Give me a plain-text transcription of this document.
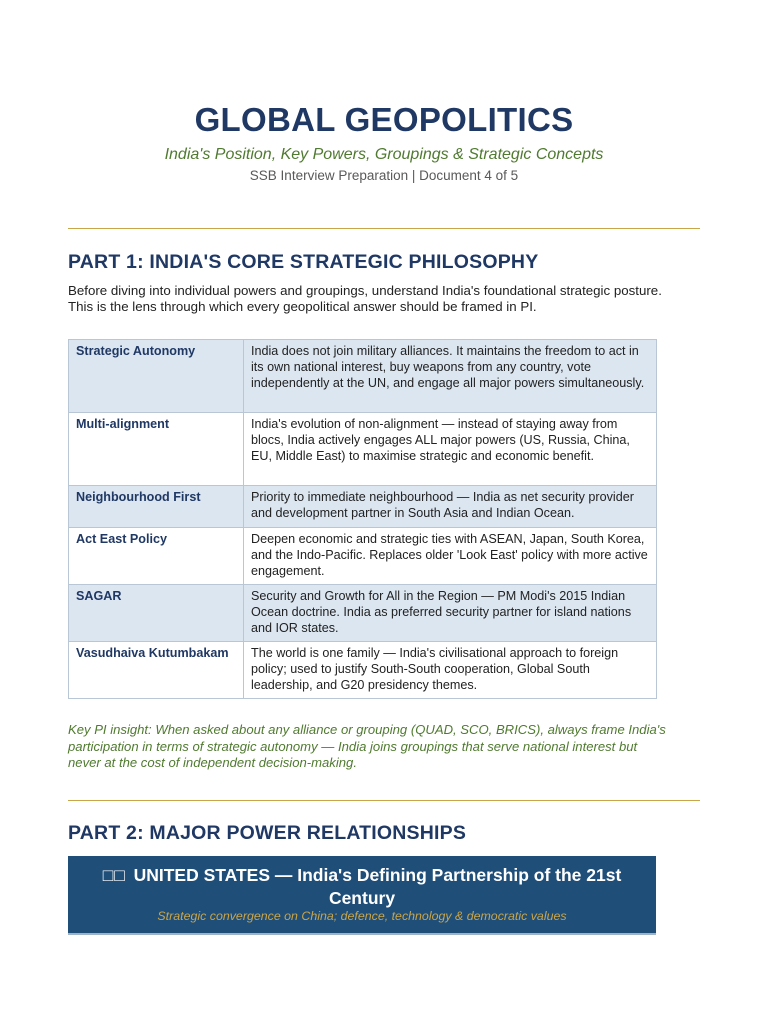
GLOBAL GEOPOLITICS
India's Position, Key Powers, Groupings & Strategic Concepts
SSB Interview Preparation | Document 4 of 5
PART 1: INDIA'S CORE STRATEGIC PHILOSOPHY
Before diving into individual powers and groupings, understand India's foundational strategic posture.
This is the lens through which every geopolitical answer should be framed in PI.
Strategic Autonomy	India does not join military alliances. It maintains the freedom to act in its own national interest, buy weapons from any country, vote independently at the UN, and engage all major powers simultaneously.
Multi-alignment	India's evolution of non-alignment — instead of staying away from blocs, India actively engages ALL major powers (US, Russia, China, EU, Middle East) to maximise strategic and economic benefit.
Neighbourhood First	Priority to immediate neighbourhood — India as net security provider and development partner in South Asia and Indian Ocean.
Act East Policy	Deepen economic and strategic ties with ASEAN, Japan, South Korea, and the Indo-Pacific. Replaces older 'Look East' policy with more active engagement.
SAGAR	Security and Growth for All in the Region — PM Modi's 2015 Indian Ocean doctrine. India as preferred security partner for island nations and IOR states.
Vasudhaiva Kutumbakam	The world is one family — India's civilisational approach to foreign policy; used to justify South-South cooperation, Global South leadership, and G20 presidency themes.
Key PI insight: When asked about any alliance or grouping (QUAD, SCO, BRICS), always frame India's
participation in terms of strategic autonomy — India joins groupings that serve national interest but
never at the cost of independent decision-making.
PART 2: MAJOR POWER RELATIONSHIPS
□□ UNITED STATES — India's Defining Partnership of the 21st
Century
Strategic convergence on China; defence, technology & democratic values
